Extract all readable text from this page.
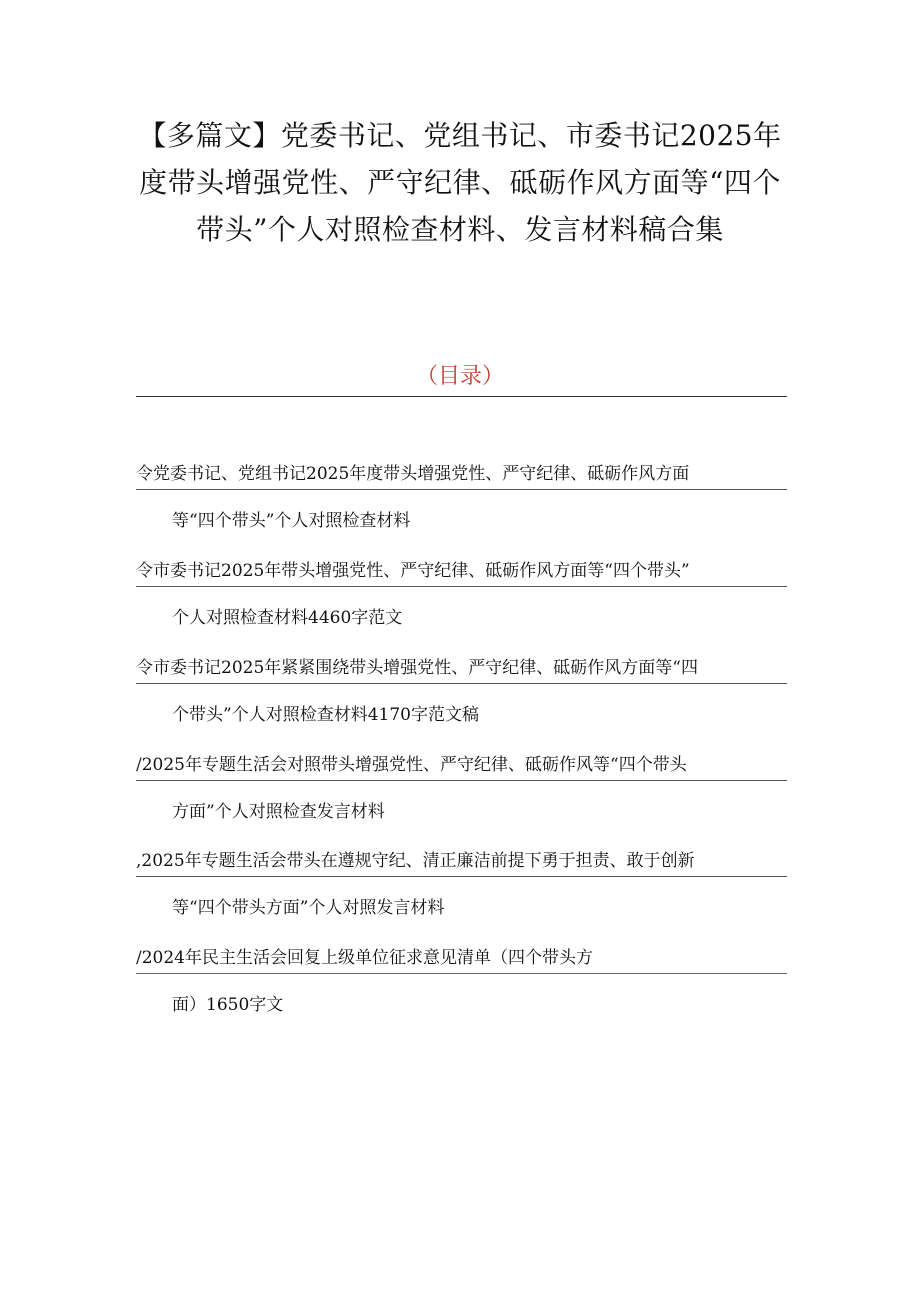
【多篇文】党委书记、党组书记、市委书记2025年
度带头增强党性、严守纪律、砥砺作风方面等“四个
带头”个人对照检查材料、发言材料稿合集
（目录）
令党委书记、党组书记2025年度带头增强党性、严守纪律、砥砺作风方面
等“四个带头”个人对照检查材料
令市委书记2025年带头增强党性、严守纪律、砥砺作风方面等“四个带头”
个人对照检查材料4460字范文
令市委书记2025年紧紧围绕带头增强党性、严守纪律、砥砺作风方面等“四
个带头”个人对照检查材料4170字范文稿
/2025年专题生活会对照带头增强党性、严守纪律、砥砺作风等“四个带头
方面”个人对照检查发言材料
,2025年专题生活会带头在遵规守纪、清正廉洁前提下勇于担责、敢于创新
等“四个带头方面”个人对照发言材料
/2024年民主生活会回复上级单位征求意见清单（四个带头方
面）1650字文
